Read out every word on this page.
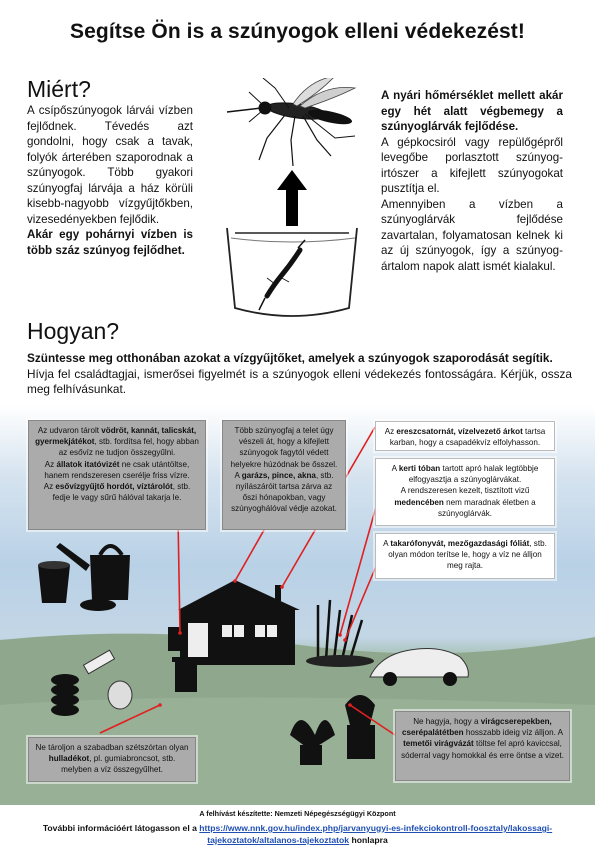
Segítse Ön is a szúnyogok elleni védekezést!
Miért?

A csípőszúnyogok lárvái vízben fejlődnek. Tévedés azt gondolni, hogy csak a tavak, folyók árterében szaporodnak a szúnyogok. Több gyakori szúnyogfaj lárvája a ház körüli kisebb-nagyobb vízgyűjtőkben, vizesedényekben fejlődik.

Akár egy pohárnyi vízben is több száz szúnyog fejlődhet.

A nyári hőmérséklet mellett akár egy hét alatt végbemegy a szúnyoglárvák fejlődése.

A gépkocsiról vagy repülőgépről levegőbe porlasztott szúnyog-irtószer a kifejlett szúnyogokat pusztítja el.

Amennyiben a vízben a szúnyoglárvák fejlődése zavartalan, folyamatosan kelnek ki az új szúnyogok, így a szúnyog-ártalom napok alatt ismét kialakul.

Hogyan?
Szüntesse meg otthonában azokat a vízgyűjtőket, amelyek a szúnyogok szaporodását segítik.
Hívja fel családtagjai, ismerősei figyelmét is a szúnyogok elleni védekezés fontosságára. Kérjük, ossza meg felhívásunkat.
Az udvaron tárolt vödröt, kannát, talicskát, gyermekjátékot, stb. fordítsa fel, hogy abban az esővíz ne tudjon összegyűlni.
Az állatok itatóvizét ne csak utántöltse, hanem rendszeresen cserélje friss vízre.
Az esővízgyűjtő hordót, víztárolót, stb. fedje le vagy sűrű hálóval takarja le.
Több szúnyogfaj a telet úgy vészeli át, hogy a kifejlett szúnyogok fagytól védett helyekre húzódnak be ősszel. A garázs, pince, akna, stb. nyílászáróit tartsa zárva az őszi hónapokban, vagy szúnyoghálóval védje azokat.
Az ereszcsatornát, vízelvezető árkot tartsa karban, hogy a csapadékvíz elfolyhasson.
A kerti tóban tartott apró halak legtöbbje elfogyasztja a szúnyoglárvákat.
A rendszeresen kezelt, tisztított vizű medencében nem maradnak életben a szúnyoglárvák.
A takarófonyvát, mezőgazdasági fóliát, stb. olyan módon terítse le, hogy a víz ne álljon meg rajta.
Ne tároljon a szabadban szétszórtan olyan hulladékot, pl. gumiabroncsot, stb. melyben a víz összegyűlhet.
Ne hagyja, hogy a virágcserepekben, cserépalátétben hosszabb ideig víz álljon. A temetői virágvázát töltse fel apró kaviccsal, sóderral vagy homokkal és erre öntse a vizet.
A felhívást készítette: Nemzeti Népegészségügyi Központ
További információért látogasson el a https://www.nnk.gov.hu/index.php/jarvanyugyi-es-infekciokontroll-foosztaly/lakossagi-
tajekoztatok/altalanos-tajekoztatok honlapra
